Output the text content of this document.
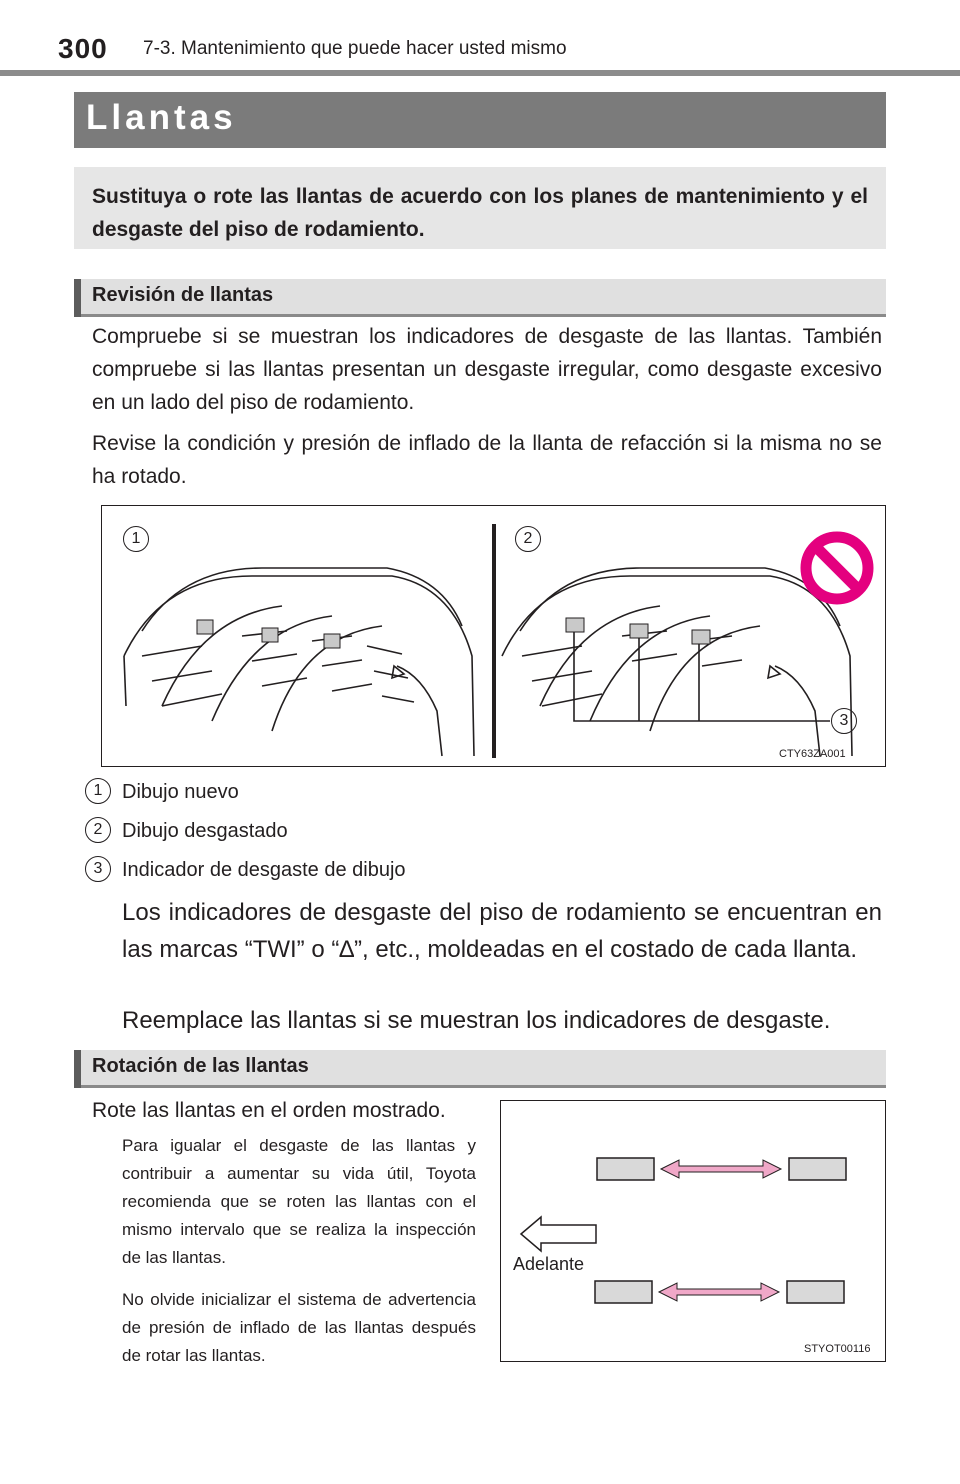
300 7-3. Mantenimiento que puede hacer usted mismo
Llantas
Sustituya o rote las llantas de acuerdo con los planes de mantenimiento y el desgaste del piso de rodamiento.
Revisión de llantas
Compruebe si se muestran los indicadores de desgaste de las llantas. También compruebe si las llantas presentan un desgaste irregular, como desgaste excesivo en un lado del piso de rodamiento.
Revise la condición y presión de inflado de la llanta de refacción si la misma no se ha rotado.
1	2
3
CTY63ZA001
1 Dibujo nuevo
2 Dibujo desgastado
3 Indicador de desgaste de dibujo
Los indicadores de desgaste del piso de rodamiento se encuentran en las marcas “TWI” o “∆”, etc., moldeadas en el costado de cada llanta.
Reemplace las llantas si se muestran los indicadores de desgaste.
Rotación de las llantas
Rote las llantas en el orden mostrado.
Para igualar el desgaste de las llantas y contribuir a aumentar su vida útil, Toyota recomienda que se roten las llantas con el mismo intervalo que se realiza la inspección de las llantas.
No olvide inicializar el sistema de advertencia de presión de inflado de las llantas después de rotar las llantas.
Adelante
STYOT00116
